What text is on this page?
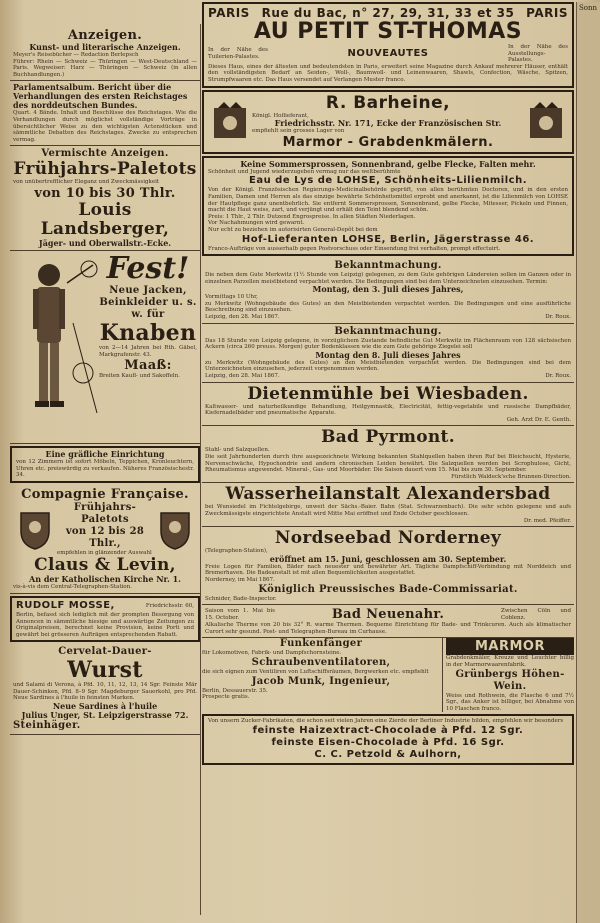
Anzeigen.
Kunst- und literarische Anzeigen.
Meyer's Reisebücher — Redaction Berlepsch
Führer: Rhein — Schweiz — Thüringen — West-Deutschland — Paris. Wegweiser: Harz — Thüringen — Schweiz (in allen Buchhandlungen.)
Parlamentsalbum. Bericht über die Verhandlungen des ersten Reichstages des norddeutschen Bundes.
Quart. 4 Bände. Inhalt und Beschlüsse des Reichstages. Wie die Verhandlungen durch möglichst vollständige Vorträge in übersichtlicher Weise zu den wichtigsten Actenstücken und sämmtliche Debatten des Reichstages. Zwecke zu entsprechen vermag.
Vermischte Anzeigen.
Frühjahrs-Paletots
von unübertrefflicher Eleganz und Zweckmässigkeit
von 10 bis 30 Thlr.
Louis Landsberger,
Jäger- und Oberwallstr.-Ecke.
Fest!
Neue Jacken, Beinkleider u. s. w. für
Knaben
von 2—14 Jahren bei Rth. Gäbel, Markgrafenstr. 43.
Maaß:
Breiten Kaufl- und Sakoffeln.
Eine gräfliche Einrichtung
von 12 Zimmern ist sofort Möbeln, Teppichen, Kronleuchtern, Uhren etc. preiswürdig zu verkaufen. Näheres Französischestr. 34.
Compagnie Française.
Frühjahrs-Paletots
von 12 bis 28 Thlr.,
empfehlen in glänzender Auswahl
Claus & Levin,
An der Katholischen Kirche Nr. 1.
vis-à-vis dem Central-Telegraphen-Station.
RUDOLF MOSSE,	Friedrichsstr. 60,
Berlin, befasst sich lediglich mit der prompten Besorgung von Annoncen in sämmtliche hiesige und auswärtige Zeitungen zu Originalpreisen, berechnet keine Provision, keine Porti und gewährt bei grösseren Aufträgen entsprechenden Rabatt.
Cervelat-Dauer-
Wurst
und Salami di Verona, à Pfd. 10, 11, 12, 13, 14 Sgr. Feinste Mär Dauer-Schinken, Pfd. 8–9 Sgr. Magdeburger Sauerkohl, pro Pfd. Neue Sardines à l'huile in feinsten Marken.
Neue Sardines à l'huile
Julius Unger, St. Leipzigerstrasse 72.
Steinhäger.
PARIS Rue du Bac, n° 27, 29, 31, 33 et 35 PARIS
AU PETIT ST-THOMAS
In der Nähe des Tuilerien-Palastes.	NOUVEAUTES
In der Nähe des Ausstellungs-Palastes.
Dieses Haus, eines der ältesten und bedeutendsten in Paris, erweitert seine Magazine durch Ankauf mehrerer Häuser, enthält den vollständigsten Bedarf an Seiden-, Woll-, Baumwoll- und Leinenwaaren, Shawls, Confection, Wäsche, Spitzen, Strumpfwaaren etc. Das Haus versendet auf Verlangen Muster franco.
R. Barheine,
Königl. Hoflieferant,
Friedrichsstr. Nr. 171, Ecke der Französischen Str.
empfiehlt sein grosses Lager von
Marmor - Grabdenkmälern.
Keine Sommersprossen, Sonnenbrand, gelbe Flecke, Falten mehr.
Schönheit und Jugend wiederzugeben vermag nur das weltberühmte
Eau de Lys de LOHSE, Schönheits-Lilienmilch.
Von der Königl. Französischen Regierungs-Medicinalbehörde geprüft, von allen berühmten Doctoren, und in den ersten Familien, Damen und Herren als das einzige bewährte Schönheitsmittel erprobt und anerkannt, ist die Lilienmilch von LOHSE der Hautpflege ganz unentbehrlich. Sie entfernt Sommersprossen, Sonnenbrand, gelbe Flecke, Mitesser, Pickeln und Finnen, macht die Haut weiss, zart, und verjüngt und erhält den Teint blendend schön.
Preis: 1 Thlr., 2 Thlr. Dutzend Engrospreise. In allen Städten Niederlagen.
Vor Nachahmungen wird gewarnt.
Nur echt zu beziehen im autorisirten General-Depôt bei dem
Hof-Lieferanten LOHSE, Berlin, Jägerstrasse 46.
Franco-Aufträge von ausserhalb gegen Postvorschuss oder Einsendung frei verhalten, prompt effectuirt.
Bekanntmachung.
Die neben dem Gute Merkwitz (1½ Stunde von Leipzig) gelegenen, zu dem Gute gehörigen Ländereien sollen im Ganzen oder in einzelnen Parzellen meistbietend verpachtet werden. Die Bedingungen sind bei dem Unterzeichneten einzusehen. Termin:
Montag, den 3. Juli dieses Jahres,
Vormittags 10 Uhr,
zu Merkwitz (Wohngebäude des Gutes) an den Meistbietenden verpachtet werden. Die Bedingungen und eine ausführliche Beschreibung sind einzusehen.
Leipzig, den 28. Mai 1867.	Dr. Roux.
Bekanntmachung.
Das 18 Stunde von Leipzig gelegene, in vorzüglichem Zustande befindliche Gut Merkwitz im Flächenraum von 128 sächsischen Ackern (circa 260 preuss. Morgen) guter Bodenklassen wie die zum Gute gehörige Ziegelei soll
Montag den 8. Juli dieses Jahres
zu Merkwitz (Wohngebäude des Gutes) an den Meistbietenden verpachtet werden. Die Bedingungen sind bei dem Unterzeichneten einzusehen, jederzeit vorgenommen werden.
Leipzig, den 28. Mai 1867.	Dr. Roux.
Dietenmühle bei Wiesbaden.
Kaltwasser- und naturheilkundige Behandlung, Heilgymnastik, Electricität, fettig-vegetabile und russische Dampfbäder, Kiefernadelbäder und pneumatische Apparate.
Geh. Arzt Dr. E. Genth.
Bad Pyrmont.
Stahl- und Salzquellen.
Die seit Jahrhunderten durch ihre ausgezeichnete Wirkung bekannten Stahlquellen haben ihren Ruf bei Bleichsucht, Hysterie, Nervenschwäche, Hypochondrie und andern chronischen Leiden bewährt. Die Salzquellen werden bei Scrophulose, Gicht, Rheumatismus angewendet. Mineral-, Gas- und Moorbäder. Die Saison dauert vom 15. Mai bis zum 30. September.
Fürstlich Waldeck'sche Brunnen-Direction.
Wasserheilanstalt Alexandersbad
bei Wunsiedel im Fichtelgebirge, unweit der Sächs.-Baier. Bahn (Stat. Schwarzenbach). Die sehr schön gelegene und aufs Zweckmässigste eingerichtete Anstalt wird Mitte Mai eröffnet und Ende October geschlossen.
Dr. med. Pfeiffer.
Nordseebad Norderney
(Telegraphen-Station),
eröffnet am 15. Juni, geschlossen am 30. September.
Freie Logen für Familien, Bäder nach neuester und bewährter Art. Tägliche Dampfschiff-Verbindung mit Norddeich und Bremerhaven. Die Badeanstalt ist mit allen Bequemlichkeiten ausgestattet.
Norderney, im Mai 1867.
Königlich Preussisches Bade-Commissariat.
Schnider, Bade-Inspector.
Saison vom 1. Mai bis 15. October.	Bad Neuenahr.	Zwischen Cöln und Coblenz.
Alkalische Therme von 20 bis 32° R. warme Thermen. Bequeme Einrichtung für Bade- und Trinkcuren. Auch als klimatischer Curort sehr gesund. Post- und Telegraphen-Bureau im Curhause.
Funkenfänger
für Lokomotiven, Fabrik- und Dampfschornsteine.
Schraubenventilatoren,
die sich eignen zum Ventiliren von Luftschiffsräumen, Bergwerken etc. empfiehlt
Jacob Munk, Ingenieur,
Berlin, Dessauerstr. 35.
Prospecte gratis.
MARMOR
Grabdenkmäler, Kreuze und Leuchter billig in der Marmorwaarenfabrik.
Grünbergs Höhen-Wein.
Weiss und Rothwein, die Flasche 6 und 7½ Sgr., das Anker ist billiger, bei Abnahme von 10 Flaschen franco.
Von unsern Zucker-Fabrikaten, die schon seit vielen Jahren eine Zierde der Berliner Industrie bilden, empfehlen wir besonders
feinste Haizextract-Chocolade à Pfd. 12 Sgr.
feinste Eisen-Chocolade à Pfd. 16 Sgr.
C. C. Petzold & Aulhorn,
Sonn
